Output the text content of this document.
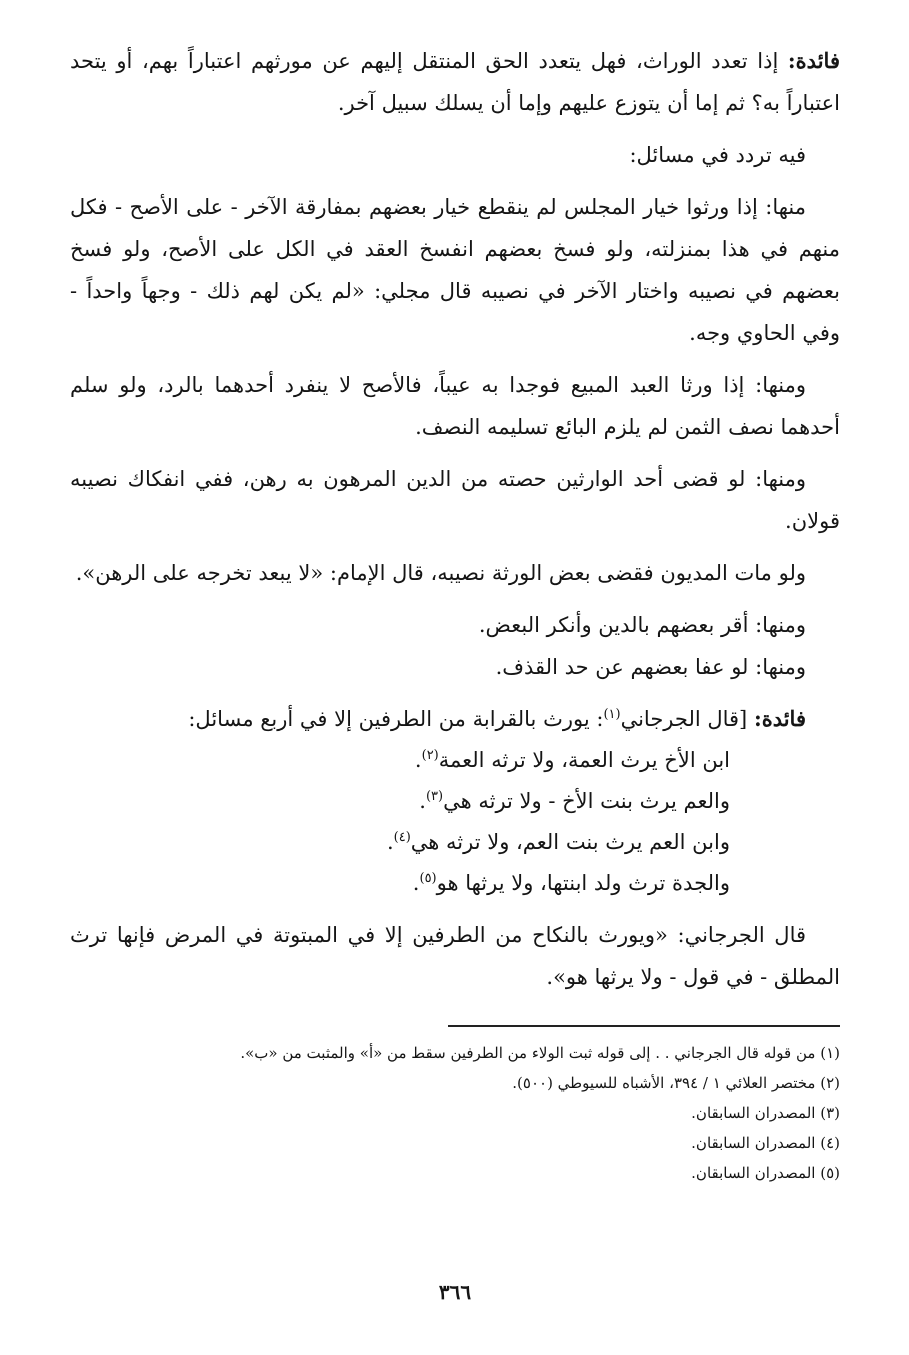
فائدة: إذا تعدد الوراث، فهل يتعدد الحق المنتقل إليهم عن مورثهم اعتباراً بهم، أو يتحد اعتباراً به؟ ثم إما أن يتوزع عليهم وإما أن يسلك سبيل آخر.

فيه تردد في مسائل:

منها: إذا ورثوا خيار المجلس لم ينقطع خيار بعضهم بمفارقة الآخر - على الأصح - فكل منهم في هذا بمنزلته، ولو فسخ بعضهم انفسخ العقد في الكل على الأصح، ولو فسخ بعضهم في نصيبه واختار الآخر في نصيبه قال مجلي: «لم يكن لهم ذلك - وجهاً واحداً - وفي الحاوي وجه.

ومنها: إذا ورثا العبد المبيع فوجدا به عيباً، فالأصح لا ينفرد أحدهما بالرد، ولو سلم أحدهما نصف الثمن لم يلزم البائع تسليمه النصف.

ومنها: لو قضى أحد الوارثين حصته من الدين المرهون به رهن، ففي انفكاك نصيبه قولان.

ولو مات المديون فقضى بعض الورثة نصيبه، قال الإمام: «لا يبعد تخرجه على الرهن».

ومنها: أقر بعضهم بالدين وأنكر البعض.

ومنها: لو عفا بعضهم عن حد القذف.

فائدة: [قال الجرجاني$^{(١)}$: يورث بالقرابة من الطرفين إلا في أربع مسائل:

ابن الأخ يرث العمة، ولا ترثه العمة$^{(٢)}$.
والعم يرث بنت الأخ - ولا ترثه هي$^{(٣)}$.
وابن العم يرث بنت العم، ولا ترثه هي$^{(٤)}$.
والجدة ترث ولد ابنتها، ولا يرثها هو$^{(٥)}$.

قال الجرجاني: «ويورث بالنكاح من الطرفين إلا في المبتوتة في المرض فإنها ترث المطلق - في قول - ولا يرثها هو».

(١) من قوله قال الجرجاني . . إلى قوله ثبت الولاء من الطرفين سقط من «أ» والمثبت من «ب».
(٢) مختصر العلائي ١ / ٣٩٤، الأشباه للسيوطي (٥٠٠).
(٣) المصدران السابقان.
(٤) المصدران السابقان.
(٥) المصدران السابقان.
٣٦٦
